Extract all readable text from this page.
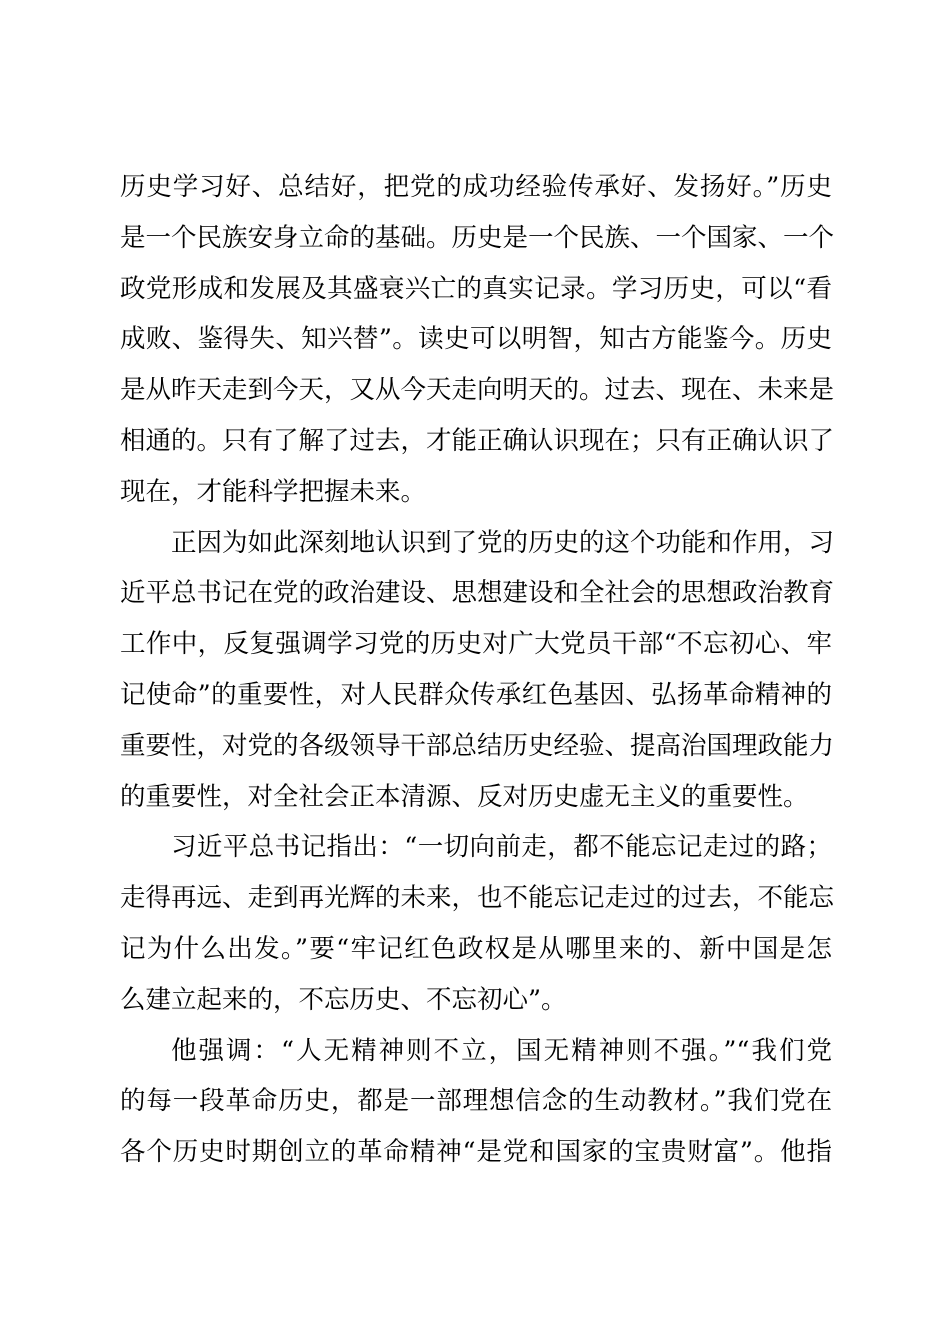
历史学习好、总结好，把党的成功经验传承好、发扬好。”历史
是一个民族安身立命的基础。历史是一个民族、一个国家、一个
政党形成和发展及其盛衰兴亡的真实记录。学习历史，可以“看
成败、鉴得失、知兴替”。读史可以明智，知古方能鉴今。历史
是从昨天走到今天，又从今天走向明天的。过去、现在、未来是
相通的。只有了解了过去，才能正确认识现在；只有正确认识了
现在，才能科学把握未来。
正因为如此深刻地认识到了党的历史的这个功能和作用，习
近平总书记在党的政治建设、思想建设和全社会的思想政治教育
工作中，反复强调学习党的历史对广大党员干部“不忘初心、牢
记使命”的重要性，对人民群众传承红色基因、弘扬革命精神的
重要性，对党的各级领导干部总结历史经验、提高治国理政能力
的重要性，对全社会正本清源、反对历史虚无主义的重要性。
习近平总书记指出：“一切向前走，都不能忘记走过的路；
走得再远、走到再光辉的未来，也不能忘记走过的过去，不能忘
记为什么出发。”要“牢记红色政权是从哪里来的、新中国是怎
么建立起来的，不忘历史、不忘初心”。
他强调：“人无精神则不立，国无精神则不强。”“我们党
的每一段革命历史，都是一部理想信念的生动教材。”我们党在
各个历史时期创立的革命精神“是党和国家的宝贵财富”。他指
